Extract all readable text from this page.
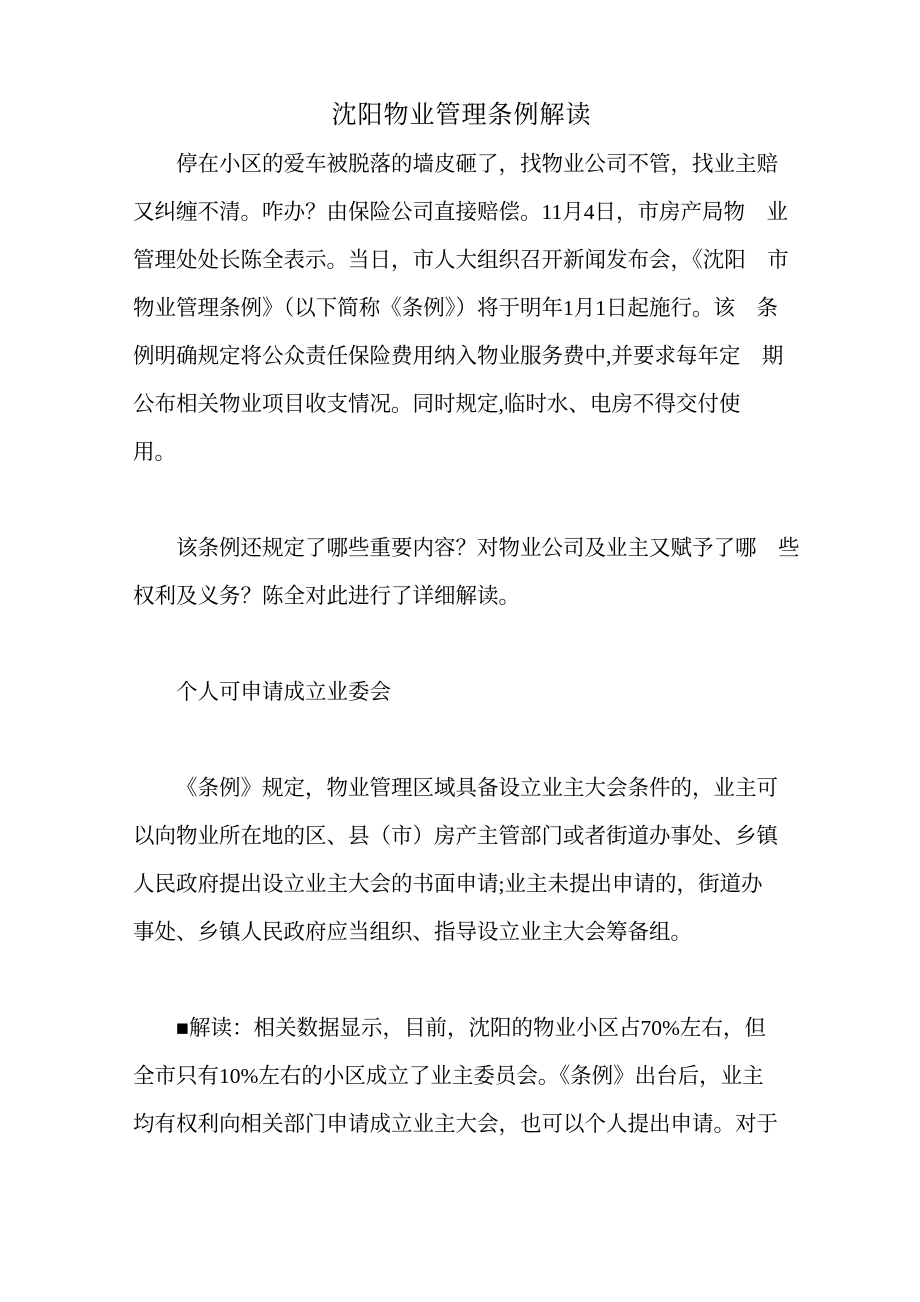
沈阳物业管理条例解读
停在小区的爱车被脱落的墙皮砸了，找物业公司不管，找业主赔
又纠缠不清。咋办？由保险公司直接赔偿。11月4日，市房产局物　业
管理处处长陈全表示。当日，市人大组织召开新闻发布会，《沈阳　市
物业管理条例》（以下简称《条例》）将于明年1月1日起施行。该　条
例明确规定将公众责任保险费用纳入物业服务费中,并要求每年定　期
公布相关物业项目收支情况。同时规定,临时水、电房不得交付使
用。
该条例还规定了哪些重要内容？对物业公司及业主又赋予了哪　些
权利及义务？陈全对此进行了详细解读。
个人可申请成立业委会
《条例》规定，物业管理区域具备设立业主大会条件的，业主可
以向物业所在地的区、县（市）房产主管部门或者街道办事处、乡镇
人民政府提出设立业主大会的书面申请;业主未提出申请的，街道办
事处、乡镇人民政府应当组织、指导设立业主大会筹备组。
■解读：相关数据显示，目前，沈阳的物业小区占70%左右，但
全市只有10%左右的小区成立了业主委员会。《条例》出台后，业主
均有权利向相关部门申请成立业主大会，也可以个人提出申请。对于
